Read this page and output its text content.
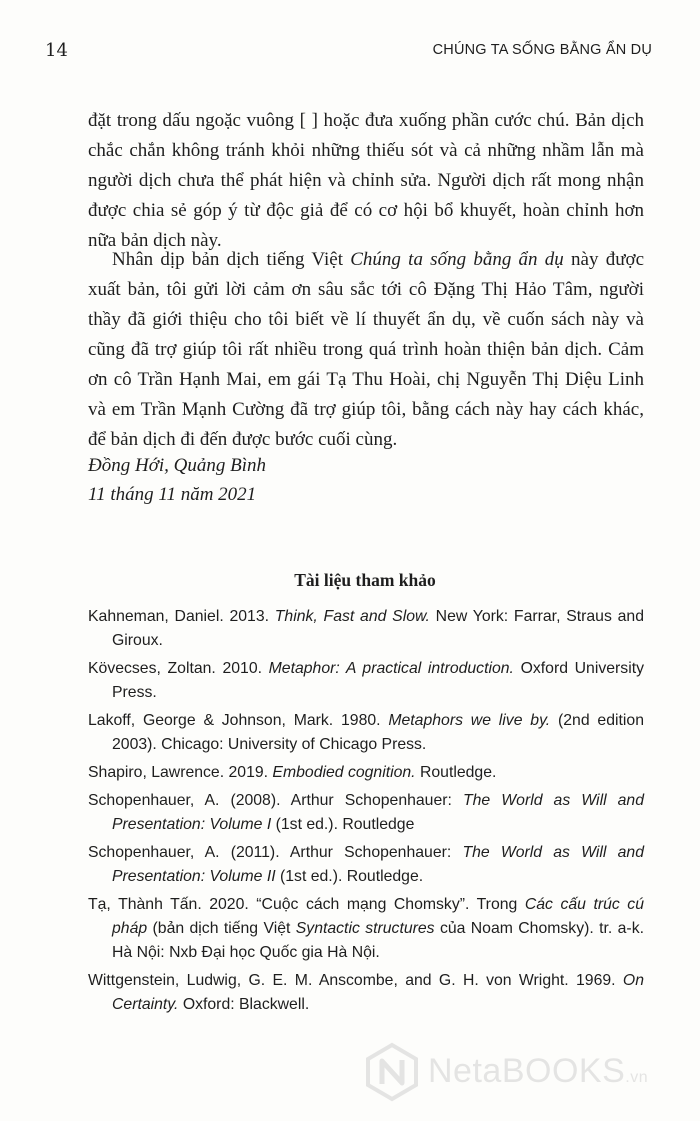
14	CHÚNG TA SỐNG BẰNG ẨN DỤ

đặt trong dấu ngoặc vuông [ ] hoặc đưa xuống phần cước chú. Bản dịch chắc chắn không tránh khỏi những thiếu sót và cả những nhầm lẫn mà người dịch chưa thể phát hiện và chỉnh sửa. Người dịch rất mong nhận được chia sẻ góp ý từ độc giả để có cơ hội bổ khuyết, hoàn chỉnh hơn nữa bản dịch này.

Nhân dịp bản dịch tiếng Việt Chúng ta sống bằng ẩn dụ này được xuất bản, tôi gửi lời cảm ơn sâu sắc tới cô Đặng Thị Hảo Tâm, người thầy đã giới thiệu cho tôi biết về lí thuyết ẩn dụ, về cuốn sách này và cũng đã trợ giúp tôi rất nhiều trong quá trình hoàn thiện bản dịch. Cảm ơn cô Trần Hạnh Mai, em gái Tạ Thu Hoài, chị Nguyễn Thị Diệu Linh và em Trần Mạnh Cường đã trợ giúp tôi, bằng cách này hay cách khác, để bản dịch đi đến được bước cuối cùng.

Đồng Hới, Quảng Bình
11 tháng 11 năm 2021
Tài liệu tham khảo
Kahneman, Daniel. 2013. Think, Fast and Slow. New York: Farrar, Straus and Giroux.
Kövecses, Zoltan. 2010. Metaphor: A practical introduction. Oxford University Press.
Lakoff, George & Johnson, Mark. 1980. Metaphors we live by. (2nd edition 2003). Chicago: University of Chicago Press.
Shapiro, Lawrence. 2019. Embodied cognition. Routledge.
Schopenhauer, A. (2008). Arthur Schopenhauer: The World as Will and Presentation: Volume I (1st ed.). Routledge
Schopenhauer, A. (2011). Arthur Schopenhauer: The World as Will and Presentation: Volume II (1st ed.). Routledge.
Tạ, Thành Tấn. 2020. “Cuộc cách mạng Chomsky”. Trong Các cấu trúc cú pháp (bản dịch tiếng Việt Syntactic structures của Noam Chomsky). tr. a-k. Hà Nội: Nxb Đại học Quốc gia Hà Nội.
Wittgenstein, Ludwig, G. E. M. Anscombe, and G. H. von Wright. 1969. On Certainty. Oxford: Blackwell.
NetaBOOKS.vn
